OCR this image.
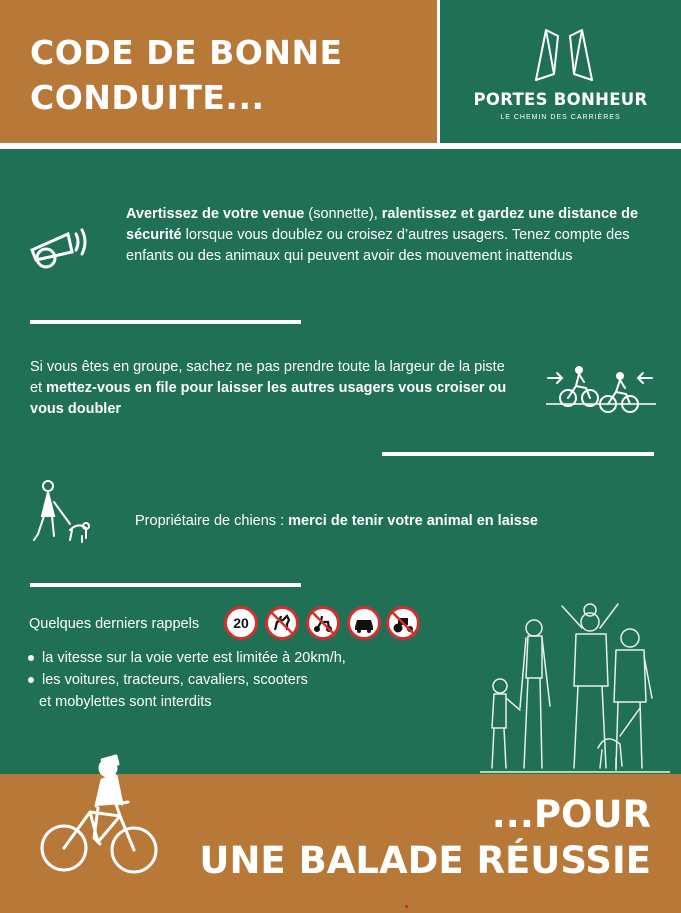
CODE DE BONNE
CONDUITE...	PORTES BONHEUR
LE CHEMIN DES CARRIÈRES
Avertissez de votre venue (sonnette), ralentissez et gardez une distance de sécurité lorsque vous doublez ou croisez d’autres usagers. Tenez compte des enfants ou des animaux qui peuvent avoir des mouvement inattendus
Si vous êtes en groupe, sachez ne pas prendre toute la largeur de la piste et mettez-vous en file pour laisser les autres usagers vous croiser ou vous doubler
Propriétaire de chiens : merci de tenir votre animal en laisse
Quelques derniers rappels	20
la vitesse sur la voie verte est limitée à 20km/h,
les voitures, tracteurs, cavaliers, scooters
et mobylettes sont interdits
...POUR
UNE BALADE RÉUSSIE
